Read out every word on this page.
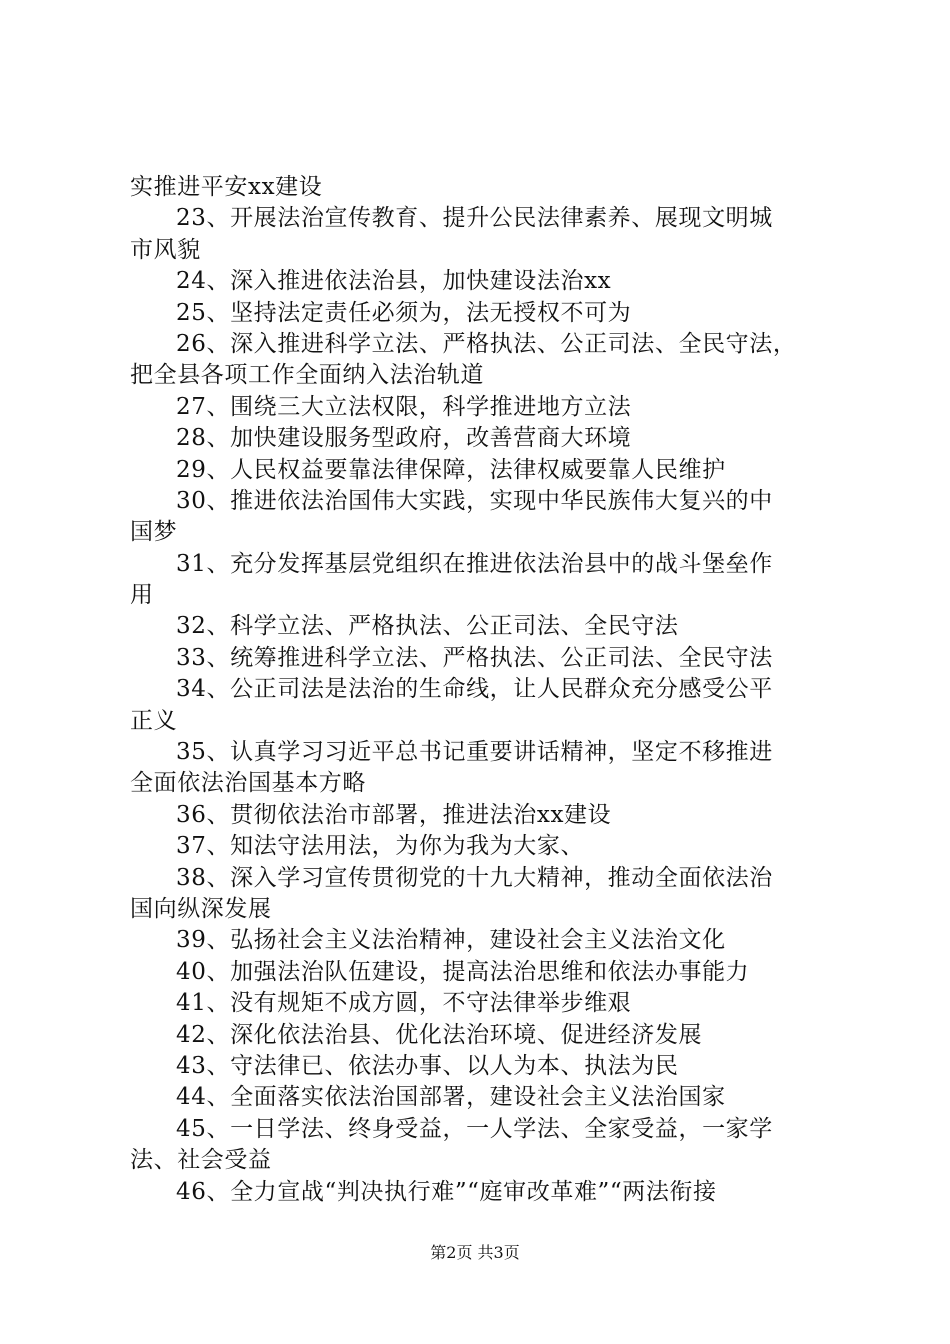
实推进平安xx建设
23、开展法治宣传教育、提升公民法律素养、展现文明城
市风貌
24、深入推进依法治县，加快建设法治xx
25、坚持法定责任必须为，法无授权不可为
26、深入推进科学立法、严格执法、公正司法、全民守法，
把全县各项工作全面纳入法治轨道
27、围绕三大立法权限，科学推进地方立法
28、加快建设服务型政府，改善营商大环境
29、人民权益要靠法律保障，法律权威要靠人民维护
30、推进依法治国伟大实践，实现中华民族伟大复兴的中
国梦
31、充分发挥基层党组织在推进依法治县中的战斗堡垒作
用
32、科学立法、严格执法、公正司法、全民守法
33、统筹推进科学立法、严格执法、公正司法、全民守法
34、公正司法是法治的生命线，让人民群众充分感受公平
正义
35、认真学习习近平总书记重要讲话精神，坚定不移推进
全面依法治国基本方略
36、贯彻依法治市部署，推进法治xx建设
37、知法守法用法，为你为我为大家、
38、深入学习宣传贯彻党的十九大精神，推动全面依法治
国向纵深发展
39、弘扬社会主义法治精神，建设社会主义法治文化
40、加强法治队伍建设，提高法治思维和依法办事能力
41、没有规矩不成方圆，不守法律举步维艰
42、深化依法治县、优化法治环境、促进经济发展
43、守法律已、依法办事、以人为本、执法为民
44、全面落实依法治国部署，建设社会主义法治国家
45、一日学法、终身受益，一人学法、全家受益，一家学
法、社会受益
46、全力宣战“判决执行难”“庭审改革难”“两法衔接
第2页 共3页
